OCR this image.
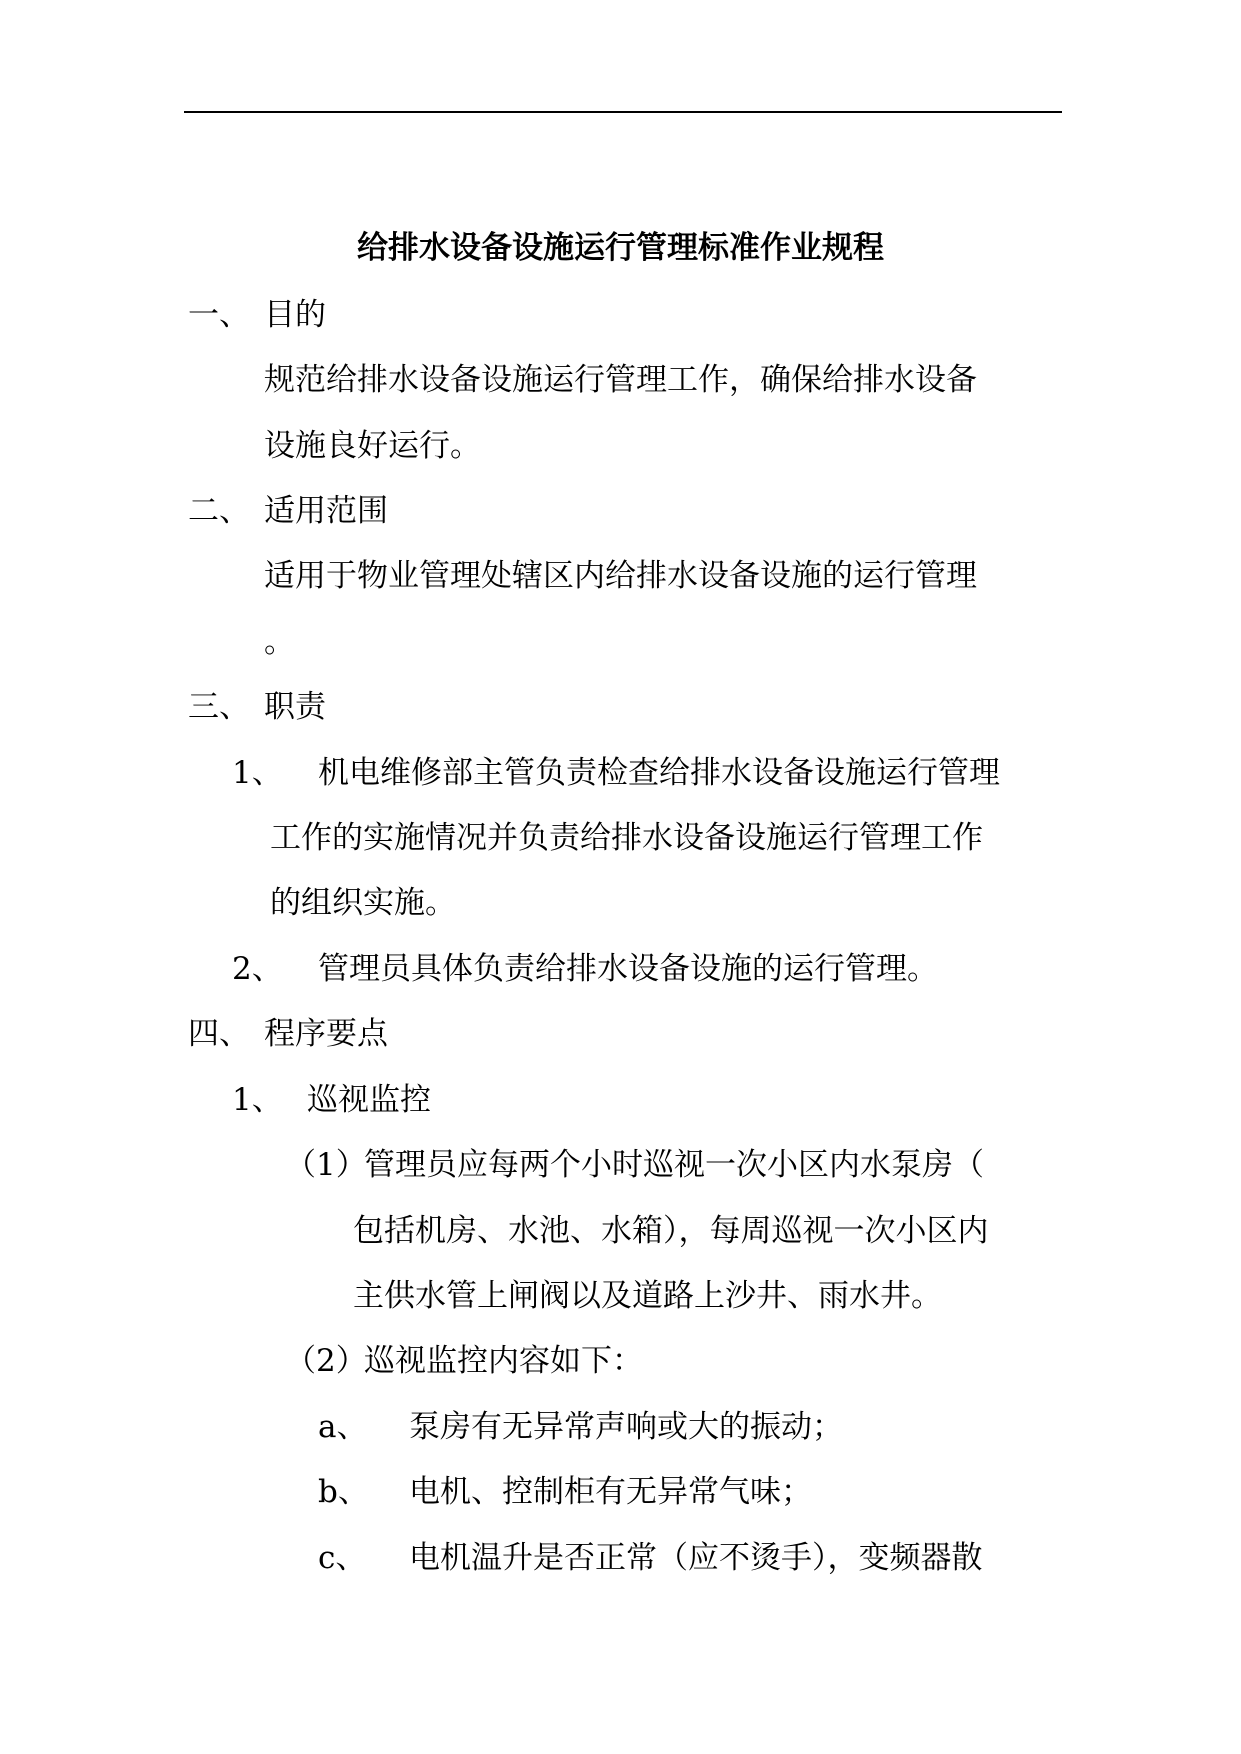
给排水设备设施运行管理标准作业规程
一、 目的
规范给排水设备设施运行管理工作，确保给排水设备
设施良好运行。
二、 适用范围
适用于物业管理处辖区内给排水设备设施的运行管理
。
三、 职责
1、 机电维修部主管负责检查给排水设备设施运行管理
工作的实施情况并负责给排水设备设施运行管理工作
的组织实施。
2、 管理员具体负责给排水设备设施的运行管理。
四、 程序要点
1、 巡视监控
（1）
管理员应每两个小时巡视一次小区内水泵房（
包括机房、水池、水箱），每周巡视一次小区内
主供水管上闸阀以及道路上沙井、雨水井。
（2）
巡视监控内容如下：
a、 泵房有无异常声响或大的振动；
b、 电机、控制柜有无异常气味；
c、 电机温升是否正常（应不烫手），变频器散
